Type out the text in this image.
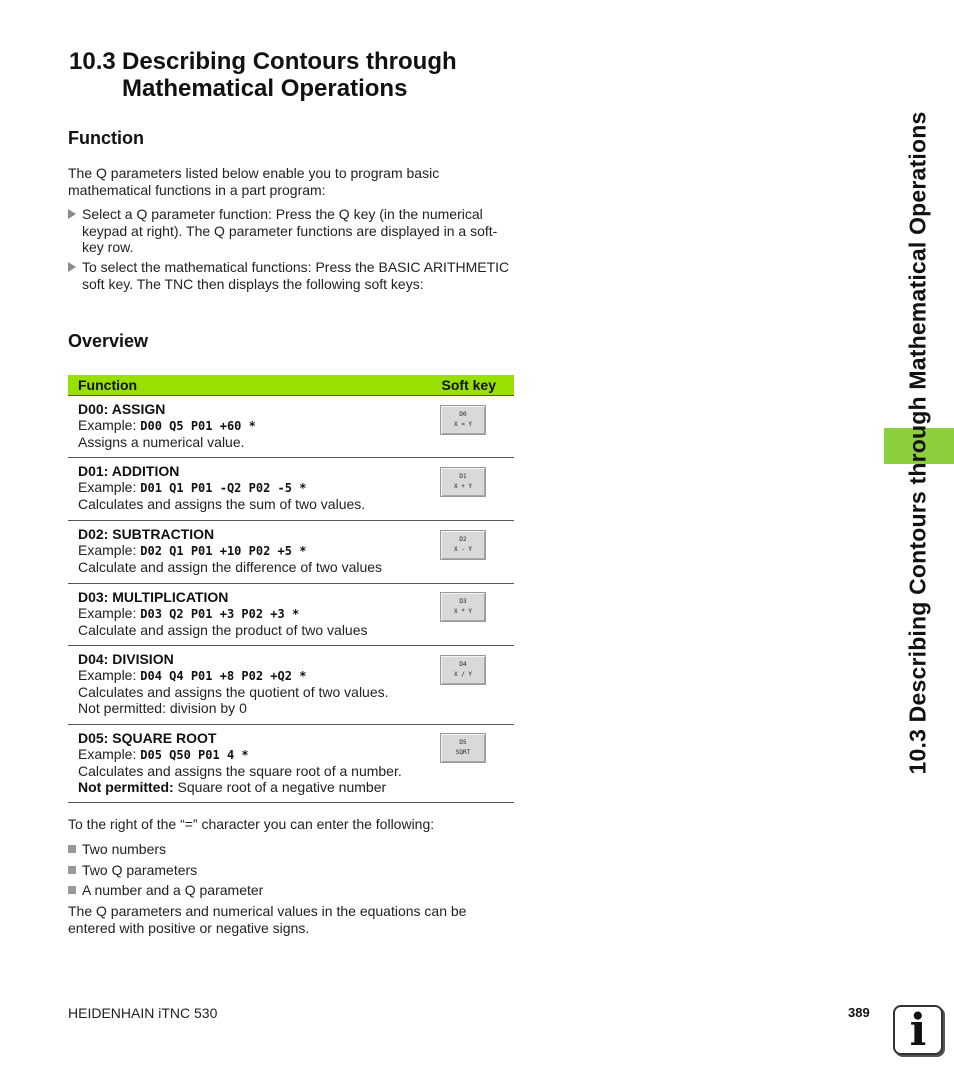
10.3 Describing Contours through
Mathematical Operations
Function
The Q parameters listed below enable you to program basic mathematical functions in a part program:
Select a Q parameter function: Press the Q key (in the numerical keypad at right). The Q parameter functions are displayed in a soft-key row.
To select the mathematical functions: Press the BASIC ARITHMETIC soft key. The TNC then displays the following soft keys:
Overview
Function	Soft key
D00: ASSIGN
Example: D00 Q5 P01 +60 *
Assigns a numerical value.
D0
X = Y
D01: ADDITION
Example: D01 Q1 P01 -Q2 P02 -5 *
Calculates and assigns the sum of two values.
D1
X + Y
D02: SUBTRACTION
Example: D02 Q1 P01 +10 P02 +5 *
Calculate and assign the difference of two values
D2
X - Y
D03: MULTIPLICATION
Example: D03 Q2 P01 +3 P02 +3 *
Calculate and assign the product of two values
D3
X * Y
D04: DIVISION
Example: D04 Q4 P01 +8 P02 +Q2 *
Calculates and assigns the quotient of two values.
Not permitted: division by 0
D4
X / Y
D05: SQUARE ROOT
Example: D05 Q50 P01 4 *
Calculates and assigns the square root of a number.
Not permitted: Square root of a negative number
D5
SQRT
To the right of the “=” character you can enter the following:
Two numbers
Two Q parameters
A number and a Q parameter
The Q parameters and numerical values in the equations can be entered with positive or negative signs.
10.3 Describing Contours through Mathematical Operations
HEIDENHAIN iTNC 530	389 i
